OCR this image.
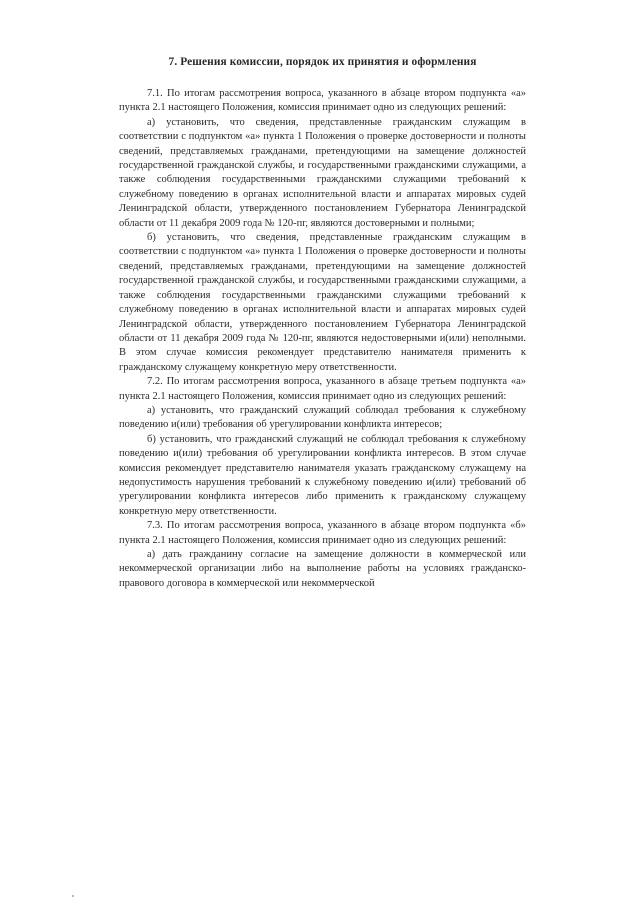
7. Решения комиссии, порядок их принятия и оформления

7.1. По итогам рассмотрения вопроса, указанного в абзаце втором подпункта «а» пункта 2.1 настоящего Положения, комиссия принимает одно из следующих решений:

а) установить, что сведения, представленные гражданским служащим в соответствии с подпунктом «а» пункта 1 Положения о проверке достоверности и полноты сведений, представляемых гражданами, претендующими на замещение должностей государственной гражданской службы, и государственными гражданскими служащими, а также соблюдения государственными гражданскими служащими требований к служебному поведению в органах исполнительной власти и аппаратах мировых судей Ленинградской области, утвержденного постановлением Губернатора Ленинградской области от 11 декабря 2009 года № 120-пг, являются достоверными и полными;

б) установить, что сведения, представленные гражданским служащим в соответствии с подпунктом «а» пункта 1 Положения о проверке достоверности и полноты сведений, представляемых гражданами, претендующими на замещение должностей государственной гражданской службы, и государственными гражданскими служащими, а также соблюдения государственными гражданскими служащими требований к служебному поведению в органах исполнительной власти и аппаратах мировых судей Ленинградской области, утвержденного постановлением Губернатора Ленинградской области от 11 декабря 2009 года № 120-пг, являются недостоверными и(или) неполными. В этом случае комиссия рекомендует представителю нанимателя применить к гражданскому служащему конкретную меру ответственности.

7.2. По итогам рассмотрения вопроса, указанного в абзаце третьем подпункта «а» пункта 2.1 настоящего Положения, комиссия принимает одно из следующих решений:

а) установить, что гражданский служащий соблюдал требования к служебному поведению и(или) требования об урегулировании конфликта интересов;

б) установить, что гражданский служащий не соблюдал требования к служебному поведению и(или) требования об урегулировании конфликта интересов. В этом случае комиссия рекомендует представителю нанимателя указать гражданскому служащему на недопустимость нарушения требований к служебному поведению и(или) требований об урегулировании конфликта интересов либо применить к гражданскому служащему конкретную меру ответственности.

7.3. По итогам рассмотрения вопроса, указанного в абзаце втором подпункта «б» пункта 2.1 настоящего Положения, комиссия принимает одно из следующих решений:

а) дать гражданину согласие на замещение должности в коммерческой или некоммерческой организации либо на выполнение работы на условиях гражданско-правового договора в коммерческой или некоммерческой
